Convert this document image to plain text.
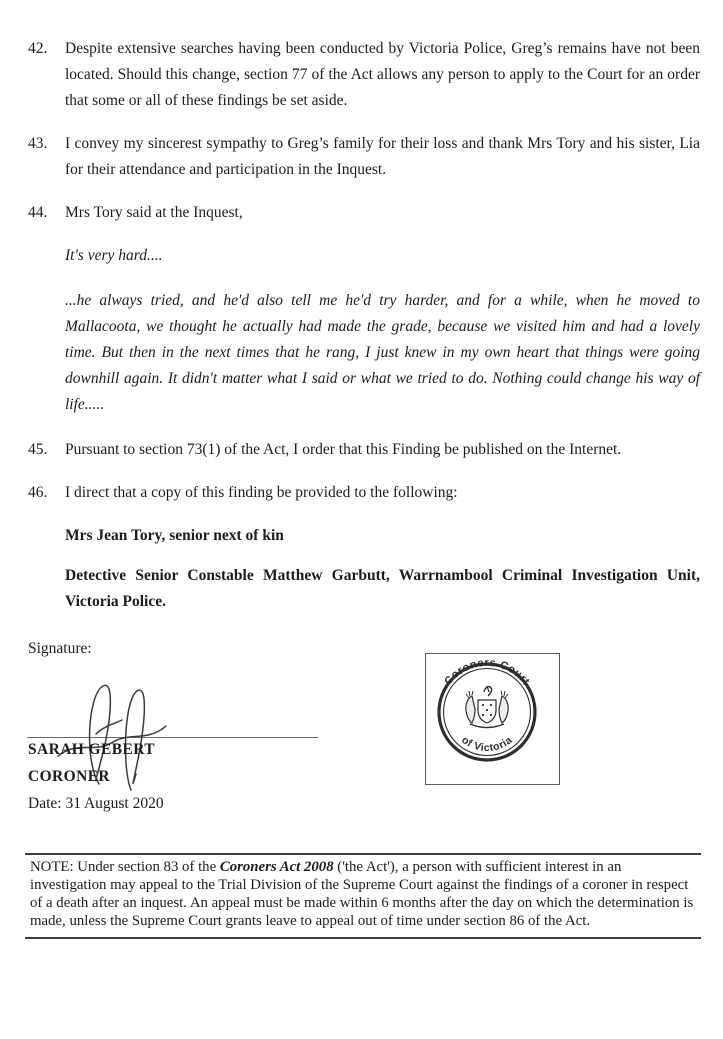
42.	Despite extensive searches having been conducted by Victoria Police, Greg’s remains have not been located. Should this change, section 77 of the Act allows any person to apply to the Court for an order that some or all of these findings be set aside.
43.	I convey my sincerest sympathy to Greg’s family for their loss and thank Mrs Tory and his sister, Lia for their attendance and participation in the Inquest.
44.	Mrs Tory said at the Inquest,
It's very hard....
...he always tried, and he'd also tell me he'd try harder, and for a while, when he moved to Mallacoota, we thought he actually had made the grade, because we visited him and had a lovely time. But then in the next times that he rang, I just knew in my own heart that things were going downhill again. It didn't matter what I said or what we tried to do. Nothing could change his way of life.....
45.	Pursuant to section 73(1) of the Act, I order that this Finding be published on the Internet.
46.	I direct that a copy of this finding be provided to the following:
Mrs Jean Tory, senior next of kin
Detective Senior Constable Matthew Garbutt, Warrnambool Criminal Investigation Unit, Victoria Police.
Signature:
SARAH GEBERT
CORONER
Date: 31 August 2020
Coroners Court
of Victoria
NOTE: Under section 83 of the Coroners Act 2008 ('the Act'), a person with sufficient interest in an investigation may appeal to the Trial Division of the Supreme Court against the findings of a coroner in respect of a death after an inquest. An appeal must be made within 6 months after the day on which the determination is made, unless the Supreme Court grants leave to appeal out of time under section 86 of the Act.
